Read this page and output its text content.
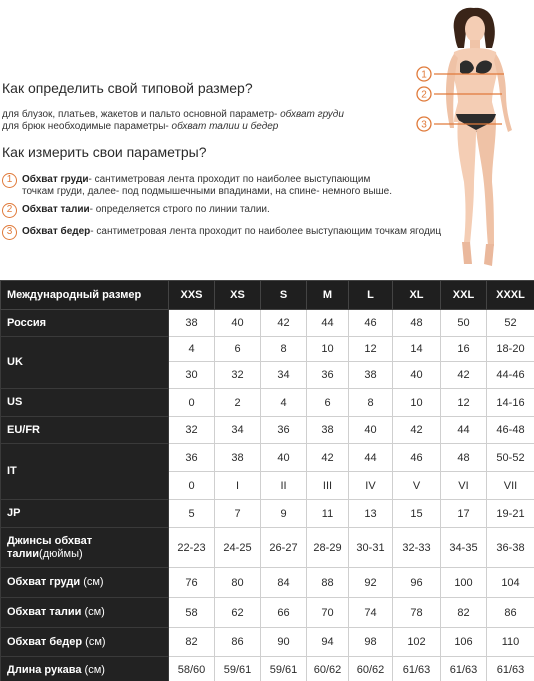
Как определить свой типовой размер?
для блузок, платьев, жакетов и пальто основной параметр- обхват груди
для брюк необходимые параметры- обхват талии и бедер
Как измерить свои параметры?
1 Обхват груди- сантиметровая лента проходит по наиболее выступающим
точкам груди, далее- под подмышечными впадинами, на спине- немного выше.
2 Обхват талии- определяется строго по линии талии.
3 Обхват бедер- сантиметровая лента проходит по наиболее выступающим точкам ягодиц
1
2
3
Международный размер	XXS	XS	S	M	L	XL	XXL	XXXL
Россия	38	40	42	44	46	48	50	52
UK	4	6	8	10	12	14	16	18-20
	30	32	34	36	38	40	42	44-46
US	0	2	4	6	8	10	12	14-16
EU/FR	32	34	36	38	40	42	44	46-48
IT	36	38	40	42	44	46	48	50-52
	0	I	II	III	IV	V	VI	VII
JP	5	7	9	11	13	15	17	19-21
Джинсы обхват
талии(дюймы)	22-23	24-25	26-27	28-29	30-31	32-33	34-35	36-38
Обхват груди (см)	76	80	84	88	92	96	100	104
Обхват талии (см)	58	62	66	70	74	78	82	86
Обхват бедер (см)	82	86	90	94	98	102	106	110
Длина рукава (см)	58/60	59/61	59/61	60/62	60/62	61/63	61/63	61/63
